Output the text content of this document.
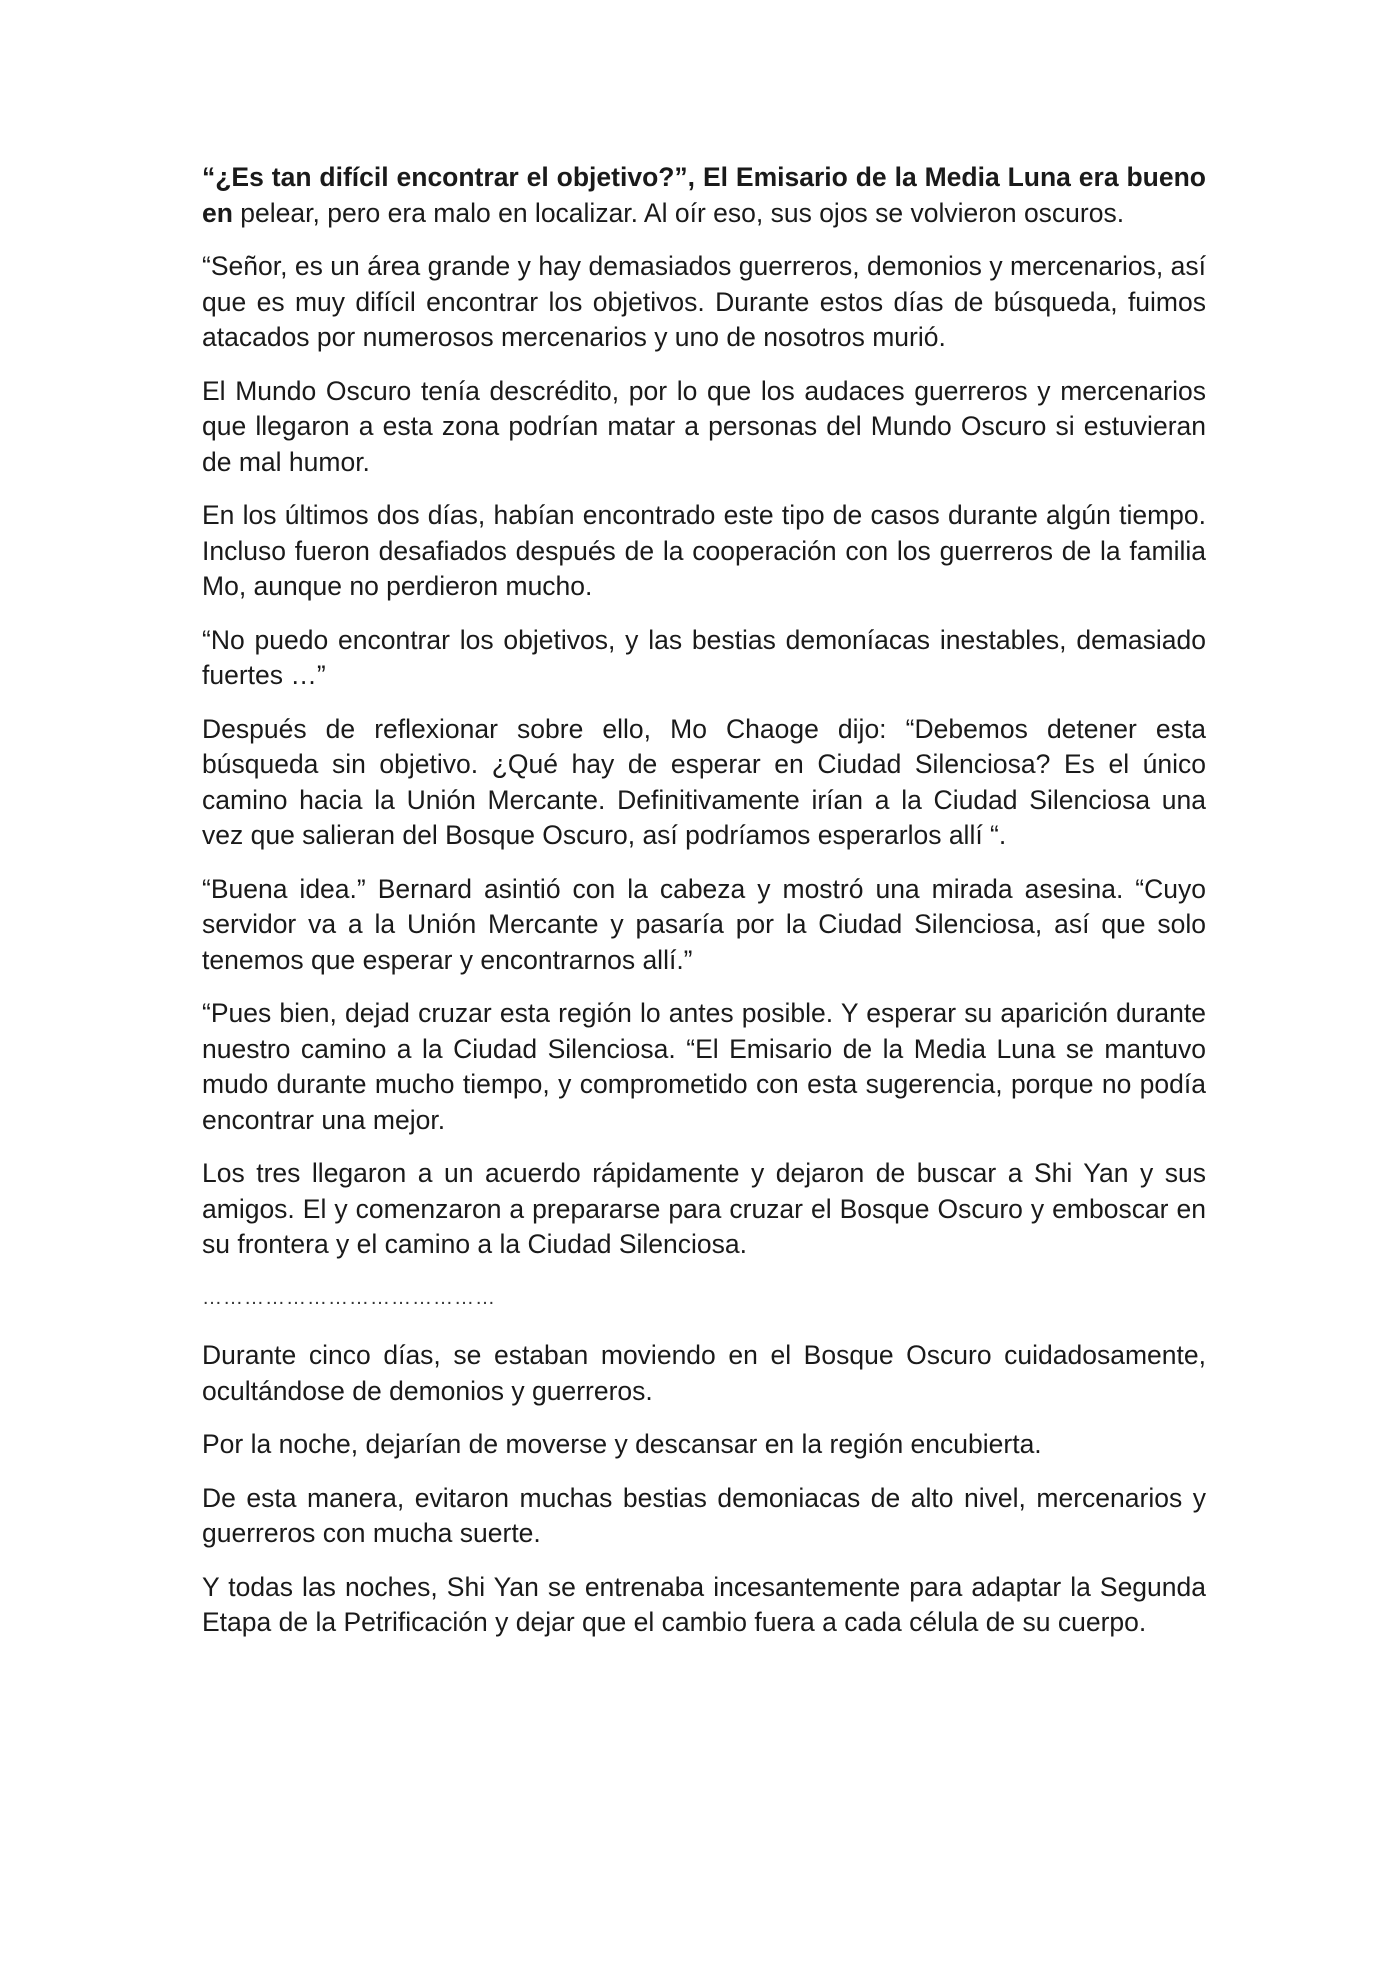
“¿Es tan difícil encontrar el objetivo?”, El Emisario de la Media Luna era bueno en pelear, pero era malo en localizar. Al oír eso, sus ojos se volvieron oscuros.

“Señor, es un área grande y hay demasiados guerreros, demonios y mercenarios, así que es muy difícil encontrar los objetivos. Durante estos días de búsqueda, fuimos atacados por numerosos mercenarios y uno de nosotros murió.

El Mundo Oscuro tenía descrédito, por lo que los audaces guerreros y mercenarios que llegaron a esta zona podrían matar a personas del Mundo Oscuro si estuvieran de mal humor.

En los últimos dos días, habían encontrado este tipo de casos durante algún tiempo. Incluso fueron desafiados después de la cooperación con los guerreros de la familia Mo, aunque no perdieron mucho.

“No puedo encontrar los objetivos, y las bestias demoníacas inestables, demasiado fuertes …”

Después de reflexionar sobre ello, Mo Chaoge dijo: “Debemos detener esta búsqueda sin objetivo. ¿Qué hay de esperar en Ciudad Silenciosa? Es el único camino hacia la Unión Mercante. Definitivamente irían a la Ciudad Silenciosa una vez que salieran del Bosque Oscuro, así podríamos esperarlos allí “.

“Buena idea.” Bernard asintió con la cabeza y mostró una mirada asesina. “Cuyo servidor va a la Unión Mercante y pasaría por la Ciudad Silenciosa, así que solo tenemos que esperar y encontrarnos allí.”

“Pues bien, dejad cruzar esta región lo antes posible. Y esperar su aparición durante nuestro camino a la Ciudad Silenciosa. “El Emisario de la Media Luna se mantuvo mudo durante mucho tiempo, y comprometido con esta sugerencia, porque no podía encontrar una mejor.

Los tres llegaron a un acuerdo rápidamente y dejaron de buscar a Shi Yan y sus amigos. El y comenzaron a prepararse para cruzar el Bosque Oscuro y emboscar en su frontera y el camino a la Ciudad Silenciosa.

……………………………………

Durante cinco días, se estaban moviendo en el Bosque Oscuro cuidadosamente, ocultándose de demonios y guerreros.

Por la noche, dejarían de moverse y descansar en la región encubierta.

De esta manera, evitaron muchas bestias demoniacas de alto nivel, mercenarios y guerreros con mucha suerte.

Y todas las noches, Shi Yan se entrenaba incesantemente para adaptar la Segunda Etapa de la Petrificación y dejar que el cambio fuera a cada célula de su cuerpo.
